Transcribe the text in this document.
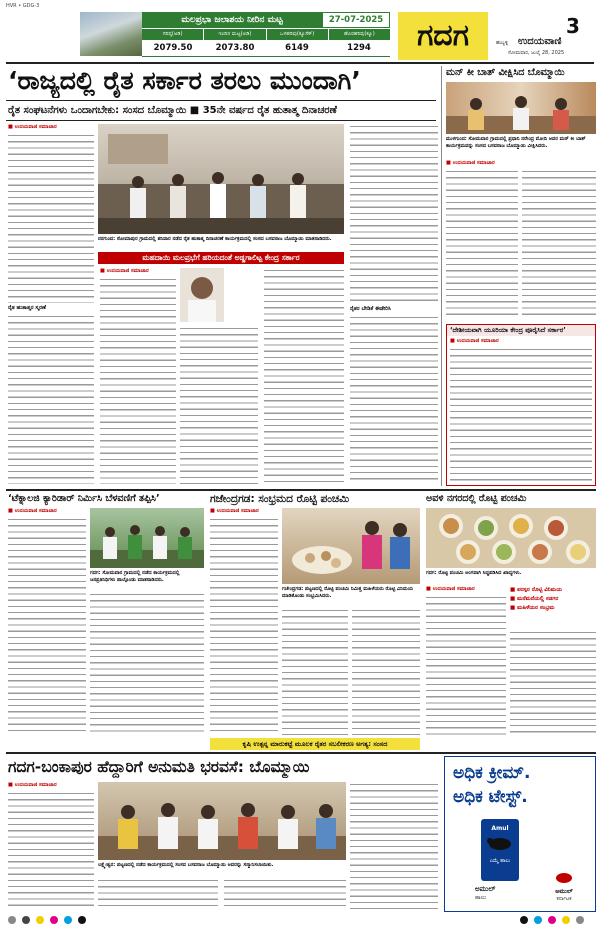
HVR • GDG-3
ಮಲಪ್ರಭಾ ಜಲಾಶಯ ನೀರಿನ ಮಟ್ಟ	27-07-2025
ಗರಿಷ್ಠ(ಅಡಿ)	ಇಂದಿನ ಮಟ್ಟ(ಅಡಿ)	ಒಳಹರಿವು(ಕ್ಯೂಸೆಕ್)	ಹೊರಹರಿವು(ಕ್ಯೂ)
2079.50	2073.80	6149	1294	ಗದಗ	3
ಹುಬ್ಬಳ್ಳಿ ಉದಯವಾಣಿ
ಸೋಮವಾರ, ಜುಲೈ 28, 2025
‘ರಾಜ್ಯದಲ್ಲಿ ರೈತ ಸರ್ಕಾರ ತರಲು ಮುಂದಾಗಿ’
ರೈತ ಸಂಘಟನೆಗಳು ಒಂದಾಗಬೇಕು: ಸಂಸದ ಬೊಮ್ಮಾಯಿ ■ 35ನೇ ವರ್ಷದ ರೈತ ಹುತಾತ್ಮ ದಿನಾಚರಣೆ
■ ಉದಯವಾಣಿ ಸಮಾಚಾರ
ರೈತ ಹುತಾತ್ಮರ ಸ್ಮರಣೆ
ನರಗುಂದ: ಸೋಮಾಪುರ ಗ್ರಾಮದಲ್ಲಿ ಶನಿವಾರ ನಡೆದ ರೈತ ಹುತಾತ್ಮ ದಿನಾಚರಣೆ ಕಾರ್ಯಕ್ರಮದಲ್ಲಿ ಸಂಸದ ಬಸವರಾಜ ಬೊಮ್ಮಾಯಿ ಮಾತನಾಡಿದರು.
ಮಹದಾಯಿ ಮಲಪ್ರಭೆಗೆ ಹರಿಯದಂತೆ ಅಡ್ಡಗಾಲಿಟ್ಟ ಕೇಂದ್ರ ಸರ್ಕಾರ
■ ಉದಯವಾಣಿ ಸಮಾಚಾರ
ರೈತರ ಬೇಡಿಕೆ ಈಡೇರಿಸಿ
ಮನ್ ಕೀ ಬಾತ್ ವೀಕ್ಷಿಸಿದ ಬೊಮ್ಮಾಯಿ
ಮುಳಗುಂದ: ಸೋಮವಾರ ಗ್ರಾಮದಲ್ಲಿ ಪ್ರಧಾನಿ ನರೇಂದ್ರ ಮೋದಿ ಅವರ ಮನ್ ಕೀ ಬಾತ್ ಕಾರ್ಯಕ್ರಮವನ್ನು ಸಂಸದ ಬಸವರಾಜ ಬೊಮ್ಮಾಯಿ ವೀಕ್ಷಿಸಿದರು.
■ ಉದಯವಾಣಿ ಸಮಾಚಾರ
‘ದೇಶೀಯವಾಗಿ ಯೂರಿಯಾ ಕೇಂದ್ರ ಪೂರೈಸಿದೆ ಸರ್ಕಾರ’
■ ಉದಯವಾಣಿ ಸಮಾಚಾರ
‘ಟೆಕ್ನಾಲಜಿ ಕ್ಯಾರಿಡಾರ್ ನಿರ್ಮಿಸಿ ಬೆಳವಣಿಗೆ ತಪ್ಪಿಸಿ’
■ ಉದಯವಾಣಿ ಸಮಾಚಾರ
ಗದಗ: ಸೋಮವಾರ ಗ್ರಾಮದಲ್ಲಿ ನಡೆದ ಕಾರ್ಯಕ್ರಮದಲ್ಲಿ ಜನಪ್ರತಿನಿಧಿಗಳು ಪಾಲ್ಗೊಂಡು ಮಾತನಾಡಿದರು.
ಗಜೇಂದ್ರಗಡ: ಸಂಭ್ರಮದ ರೊಟ್ಟಿ ಪಂಚಮಿ
■ ಉದಯವಾಣಿ ಸಮಾಚಾರ
ಗಜೇಂದ್ರಗಡ: ಪಟ್ಟಣದಲ್ಲಿ ರೊಟ್ಟಿ ಪಂಚಮಿ ನಿಮಿತ್ತ ಮಹಿಳೆಯರು ರೊಟ್ಟಿ ವಿನಿಮಯ ಮಾಡಿಕೊಂಡು ಸಂಭ್ರಮಿಸಿದರು.
ಅವಳಿ ನಗರದಲ್ಲಿ ರೊಟ್ಟಿ ಪಂಚಮಿ
ಗದಗ: ರೊಟ್ಟಿ ಪಂಚಮಿ ಅಂಗವಾಗಿ ಸಿದ್ಧಪಡಿಸಿದ ಖಾದ್ಯಗಳು.
■ ಉದಯವಾಣಿ ಸಮಾಚಾರ	■ ಪರಸ್ಪರ ರೊಟ್ಟಿ ವಿನಿಮಯ
■ ಮನೆಮನೆಯಲ್ಲಿ ಸಡಗರ
■ ಮಹಿಳೆಯರ ಸಂಭ್ರಮ
ಕೃಷಿ ಉತ್ಪನ್ನ ಮಾರುಕಟ್ಟೆ ಮೂಲಕ ರೈತರ ಸಬಲೀಕರಣ ಅಗತ್ಯ: ಸಂಸದ
ಗದಗ-ಬಂಕಾಪುರ ಹೆದ್ದಾರಿಗೆ ಅನುಮತಿ ಭರವಸೆ: ಬೊಮ್ಮಾಯಿ
■ ಉದಯವಾಣಿ ಸಮಾಚಾರ
ಲಕ್ಷ್ಮೇಶ್ವರ: ಪಟ್ಟಣದಲ್ಲಿ ನಡೆದ ಕಾರ್ಯಕ್ರಮದಲ್ಲಿ ಸಂಸದ ಬಸವರಾಜ ಬೊಮ್ಮಾಯಿ ಅವರನ್ನು ಸನ್ಮಾನಿಸಲಾಯಿತು.
ಅಧಿಕ ಕ್ರೀಮ್.
ಅಧಿಕ ಟೇಸ್ಟ್.
Amul
ಎಮ್ಮೆ ಹಾಲು
ಅಮುಲ್
ಹಾಲು
ಅಮುಲ್
ಕರ್ನಾಟಕ
